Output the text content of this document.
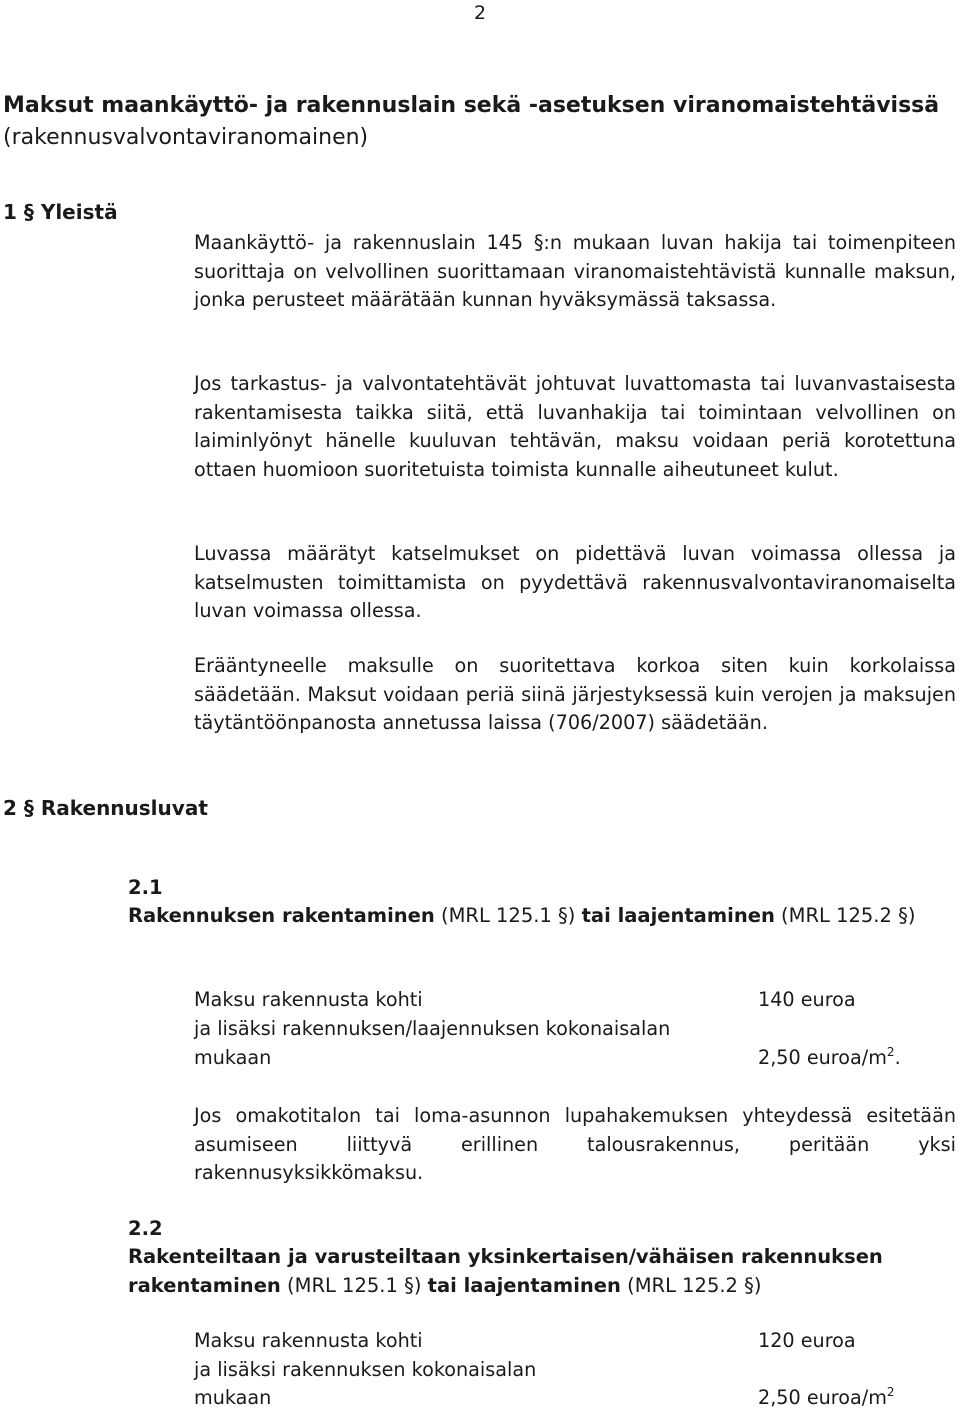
2
Maksut maankäyttö- ja rakennuslain sekä -asetuksen viranomaistehtävissä (rakennusvalvontaviranomainen)
1 § Yleistä
Maankäyttö- ja rakennuslain 145 §:n mukaan luvan hakija tai toimenpiteen suorittaja on velvollinen suorittamaan viranomaistehtävistä kunnalle maksun, jonka perusteet määrätään kunnan hyväksymässä taksassa.
Jos tarkastus- ja valvontatehtävät johtuvat luvattomasta tai luvanvastaisesta rakentamisesta taikka siitä, että luvanhakija tai toimintaan velvollinen on laiminlyönyt hänelle kuuluvan tehtävän, maksu voidaan periä korotettuna ottaen huomioon suoritetuista toimista kunnalle aiheutuneet kulut.
Luvassa määrätyt katselmukset on pidettävä luvan voimassa ollessa ja katselmusten toimittamista on pyydettävä rakennusvalvontaviranomaiselta luvan voimassa ollessa.
Erääntyneelle maksulle on suoritettava korkoa siten kuin korkolaissa säädetään. Maksut voidaan periä siinä järjestyksessä kuin verojen ja maksujen täytäntöönpanosta annetussa laissa (706/2007) säädetään.
2 § Rakennusluvat
2.1
Rakennuksen rakentaminen (MRL 125.1 §) tai laajentaminen (MRL 125.2 §)
Maksu rakennusta kohti	140 euroa
ja lisäksi rakennuksen/laajennuksen kokonaisalan
mukaan	2,50 euroa/$m^2$.
Jos omakotitalon tai loma-asunnon lupahakemuksen yhteydessä esitetään asumiseen liittyvä erillinen talousrakennus, peritään yksi rakennusyksikkömaksu.
2.2
Rakenteiltaan ja varusteiltaan yksinkertaisen/vähäisen rakennuksen rakentaminen (MRL 125.1 §) tai laajentaminen (MRL 125.2 §)
Maksu rakennusta kohti	120 euroa
ja lisäksi rakennuksen kokonaisalan
mukaan	2,50 euroa/$m^2$
